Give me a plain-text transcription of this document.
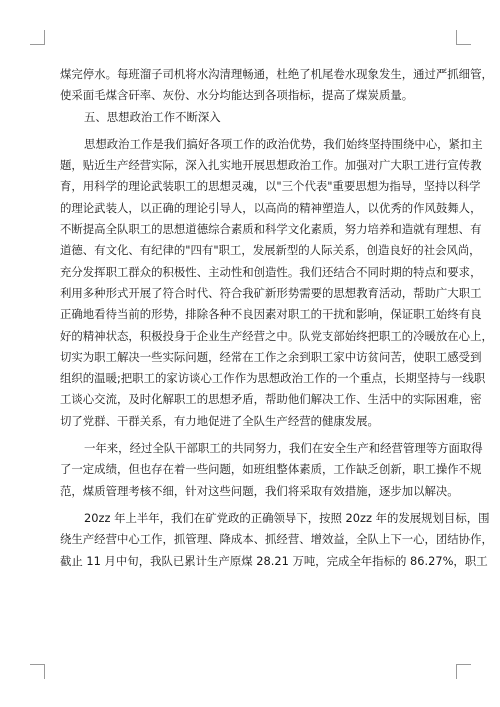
煤完停水。每班溜子司机将水沟清理畅通，杜绝了机尾卷水现象发生，通过严抓细管，
使采面毛煤含矸率、灰份、水分均能达到各项指标，提高了煤炭质量。
五、思想政治工作不断深入
思想政治工作是我们搞好各项工作的政治优势，我们始终坚持围绕中心，紧扣主
题，贴近生产经营实际，深入扎实地开展思想政治工作。加强对广大职工进行宣传教
育，用科学的理论武装职工的思想灵魂，以"三个代表"重要思想为指导，坚持以科学
的理论武装人，以正确的理论引导人，以高尚的精神塑造人，以优秀的作风鼓舞人，
不断提高全队职工的思想道德综合素质和科学文化素质，努力培养和造就有理想、有
道德、有文化、有纪律的"四有"职工，发展新型的人际关系，创造良好的社会风尚，
充分发挥职工群众的积极性、主动性和创造性。我们还结合不同时期的特点和要求，
利用多种形式开展了符合时代、符合我矿新形势需要的思想教育活动，帮助广大职工
正确地看待当前的形势，排除各种不良因素对职工的干扰和影响，保证职工始终有良
好的精神状态，积极投身于企业生产经营之中。队党支部始终把职工的冷暖放在心上，
切实为职工解决一些实际问题，经常在工作之余到职工家中访贫问苦，使职工感受到
组织的温暖;把职工的家访谈心工作作为思想政治工作的一个重点，长期坚持与一线职
工谈心交流，及时化解职工的思想矛盾，帮助他们解决工作、生活中的实际困难，密
切了党群、干群关系，有力地促进了全队生产经营的健康发展。
一年来，经过全队干部职工的共同努力，我们在安全生产和经营管理等方面取得
了一定成绩，但也存在着一些问题，如班组整体素质，工作缺乏创新，职工操作不规
范，煤质管理考核不细，针对这些问题，我们将采取有效措施，逐步加以解决。
20zz 年上半年，我们在矿党政的正确领导下，按照 20zz 年的发展规划目标，围
绕生产经营中心工作，抓管理、降成本、抓经营、增效益，全队上下一心，团结协作，
截止 11 月中旬，我队已累计生产原煤 28.21 万吨，完成全年指标的 86.27%，职工
